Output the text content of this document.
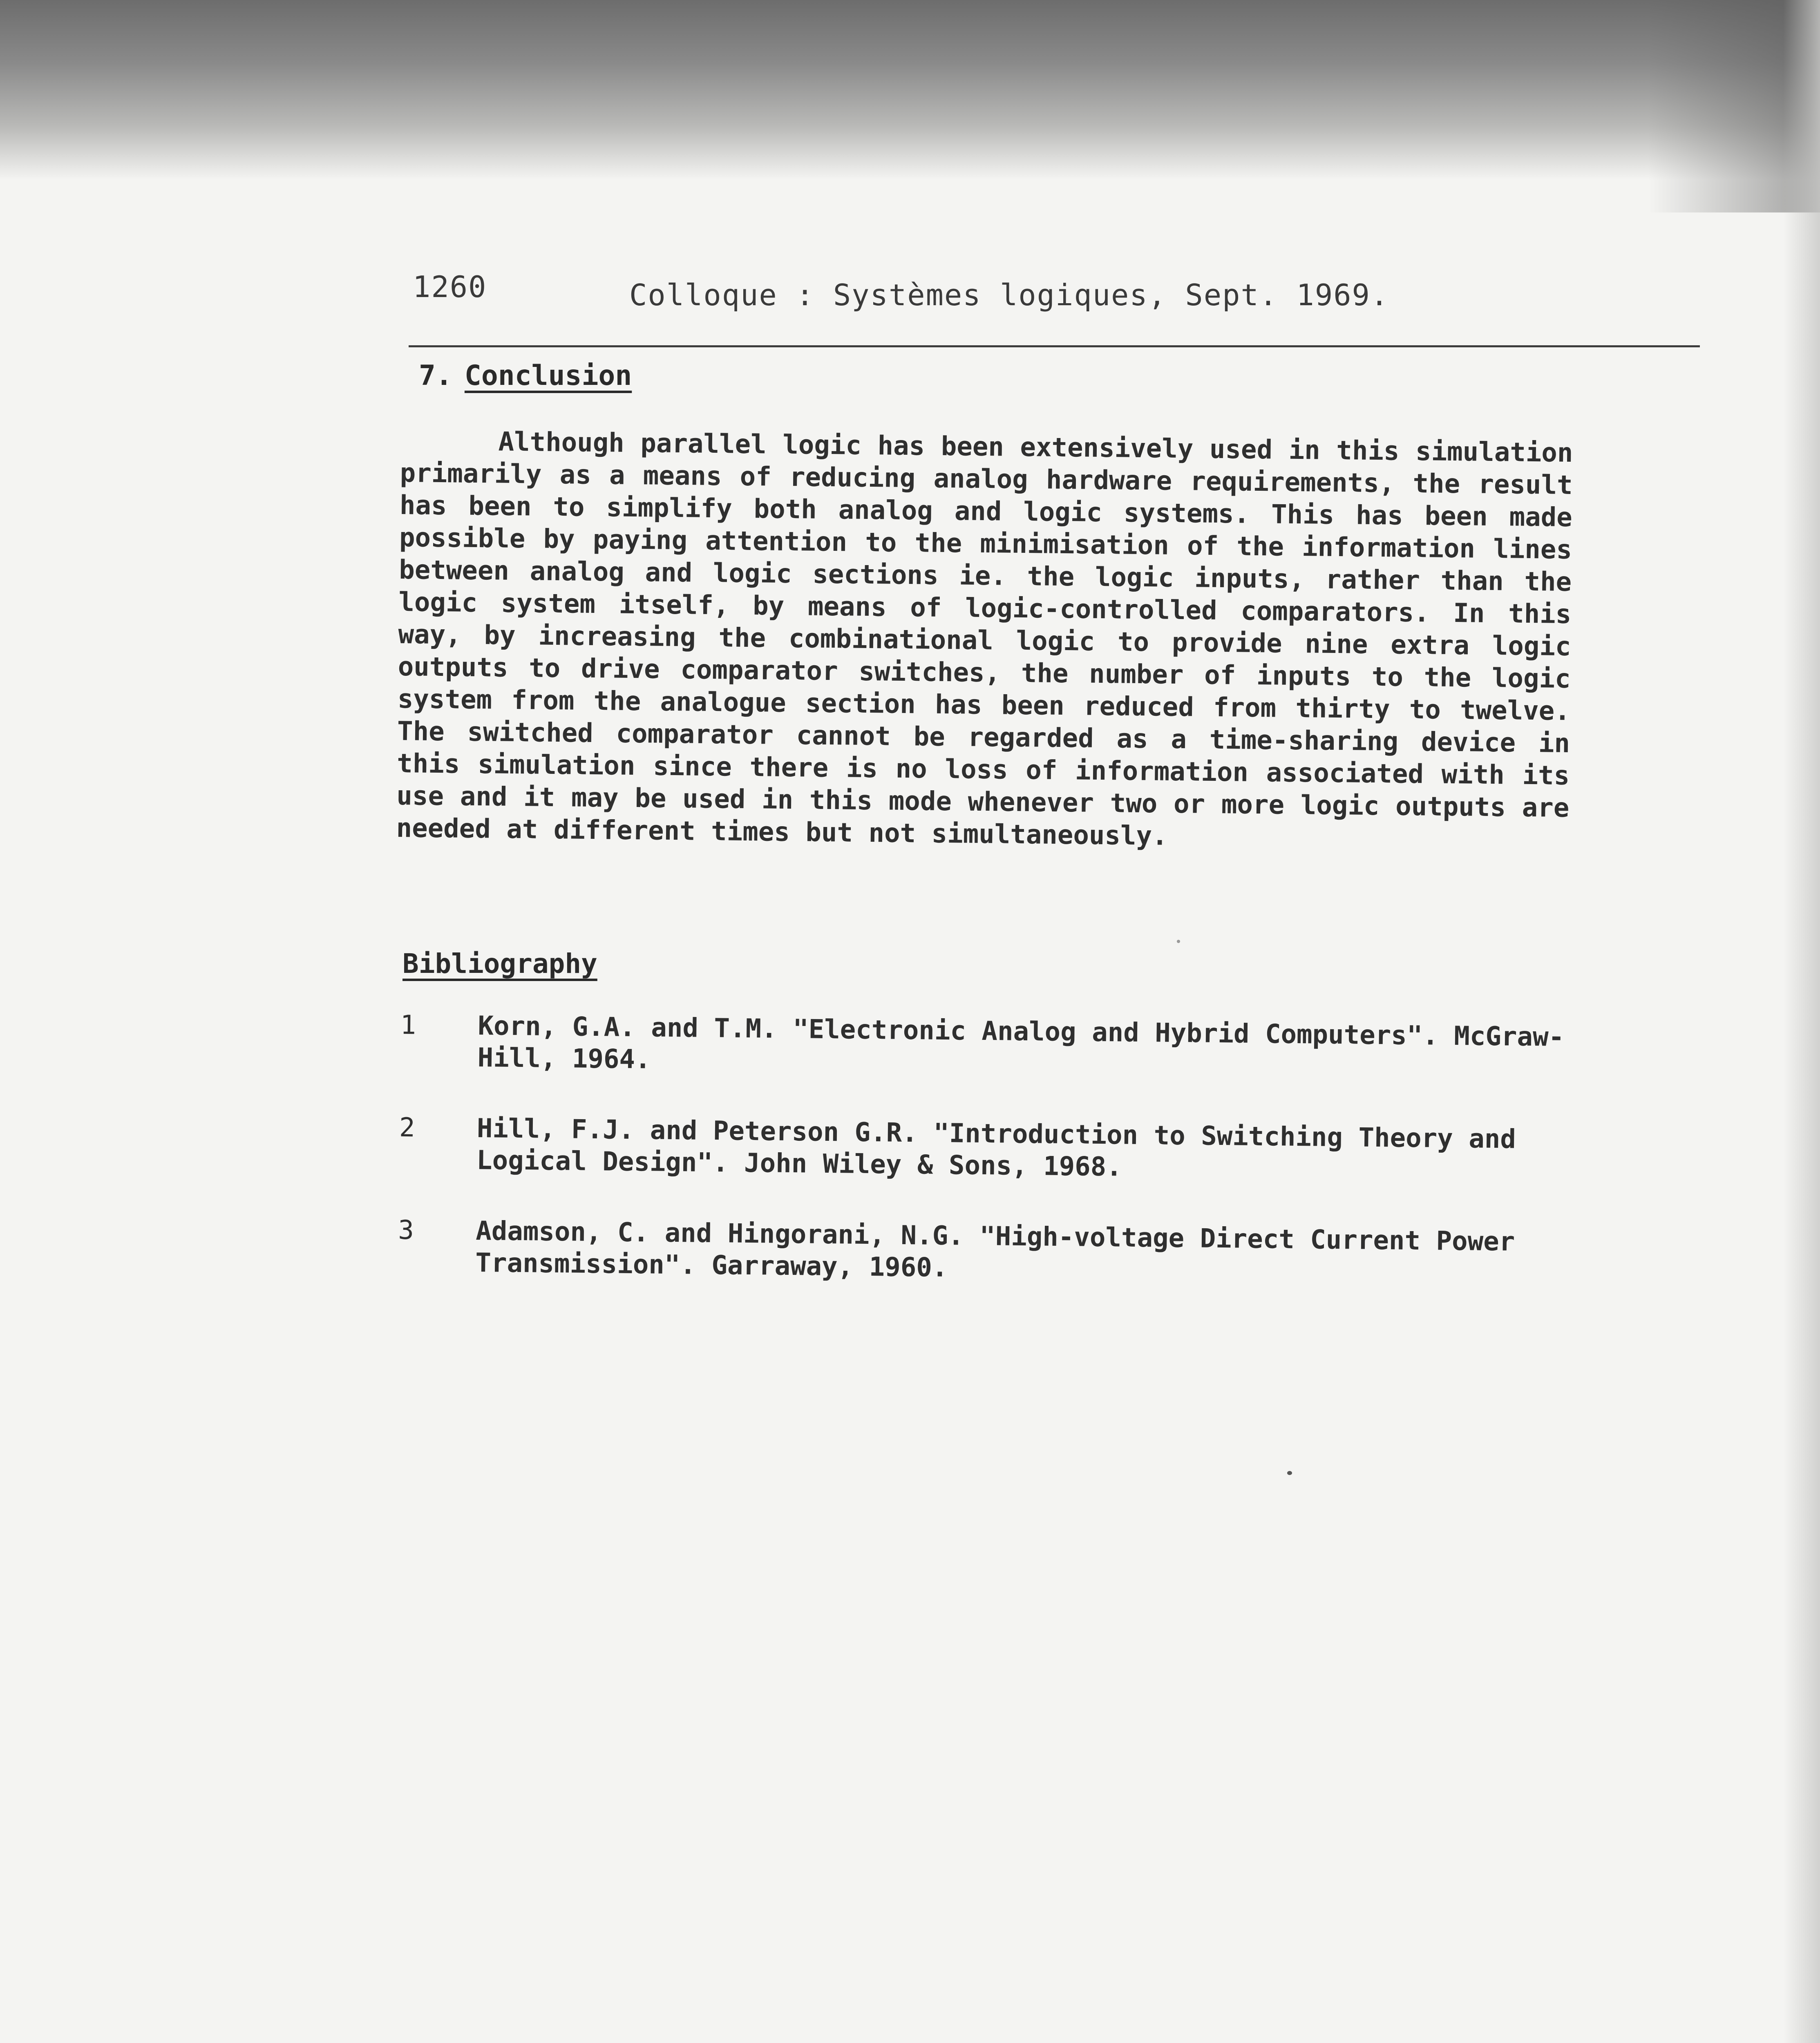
1260	Colloque : Systèmes logiques, Sept. 1969.
7. Conclusion

Although parallel logic has been extensively used in this simulation primarily as a means of reducing analog hardware requirements, the result has been to simplify both analog and logic systems. This has been made possible by paying attention to the minimisation of the information lines between analog and logic sections ie. the logic inputs, rather than the logic system itself, by means of logic-controlled comparators. In this way, by increasing the combinational logic to provide nine extra logic outputs to drive comparator switches, the number of inputs to the logic system from the analogue section has been reduced from thirty to twelve. The switched comparator cannot be regarded as a time-sharing device in this simulation since there is no loss of information associated with its use and it may be used in this mode whenever two or more logic outputs are needed at different times but not simultaneously.

Bibliography
1 Korn, G.A. and T.M. "Electronic Analog and Hybrid Computers". McGraw-Hill, 1964.
2 Hill, F.J. and Peterson G.R. "Introduction to Switching Theory and Logical Design". John Wiley & Sons, 1968.
3 Adamson, C. and Hingorani, N.G. "High-voltage Direct Current Power Transmission". Garraway, 1960.
